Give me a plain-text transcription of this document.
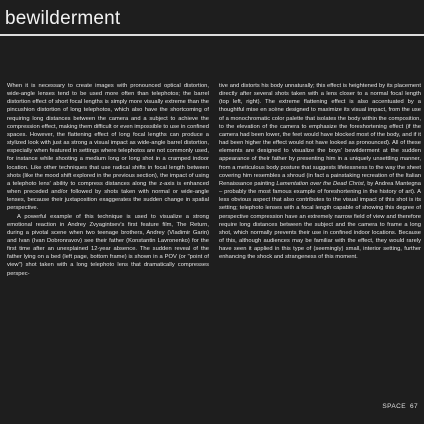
bewilderment

When it is necessary to create images with pronounced optical distortion, wide-angle lenses tend to be used more often than telephotos; the barrel distortion effect of short focal lengths is simply more visually extreme than the pincushion distortion of long telephotos, which also have the shortcoming of requiring long distances between the camera and a subject to achieve the compression effect, making them difficult or even impossible to use in confined spaces. However, the flattening effect of long focal lengths can produce a stylized look with just as strong a visual impact as wide-angle barrel distortion, especially when featured in settings where telephotos are not commonly used, for instance while shooting a medium long or long shot in a cramped indoor location. Like other techniques that use radical shifts in focal length between shots (like the mood shift explored in the previous section), the impact of using a telephoto lens' ability to compress distances along the z-axis is enhanced when preceded and/or followed by shots taken with normal or wide-angle lenses, because their juxtaposition exaggerates the sudden change in spatial perspective.

A powerful example of this technique is used to visualize a strong emotional reaction in Andrey Zvyagintsev's first feature film, The Return, during a pivotal scene when two teenage brothers, Andrey (Vladimir Garin) and Ivan (Ivan Dobronravov) see their father (Konstantin Lavronenko) for the first time after an unexplained 12-year absence. The sudden reveal of the father lying on a bed (left page, bottom frame) is shown in a POV (or "point of view") shot taken with a long telephoto lens that dramatically compresses perspec-

tive and distorts his body unnaturally; this effect is heightened by its placement directly after several shots taken with a lens closer to a normal focal length (top left, right). The extreme flattening effect is also accentuated by a thoughtful mise en scène designed to maximize its visual impact, from the use of a monochromatic color palette that isolates the body within the composition, to the elevation of the camera to emphasize the foreshortening effect (if the camera had been lower, the feet would have blocked most of the body, and if it had been higher the effect would not have looked as pronounced). All of these elements are designed to visualize the boys' bewilderment at the sudden appearance of their father by presenting him in a uniquely unsettling manner, from a meticulous body posture that suggests lifelessness to the way the sheet covering him resembles a shroud (in fact a painstaking recreation of the Italian Renaissance painting Lamentation over the Dead Christ, by Andrea Mantegna – probably the most famous example of foreshortening in the history of art). A less obvious aspect that also contributes to the visual impact of this shot is its setting; telephoto lenses with a focal length capable of showing this degree of perspective compression have an extremely narrow field of view and therefore require long distances between the subject and the camera to frame a long shot, which normally prevents their use in confined indoor locations. Because of this, although audiences may be familiar with the effect, they would rarely have seen it applied in this type of (seemingly) small, interior setting, further enhancing the shock and strangeness of this moment.

SPACE 67
